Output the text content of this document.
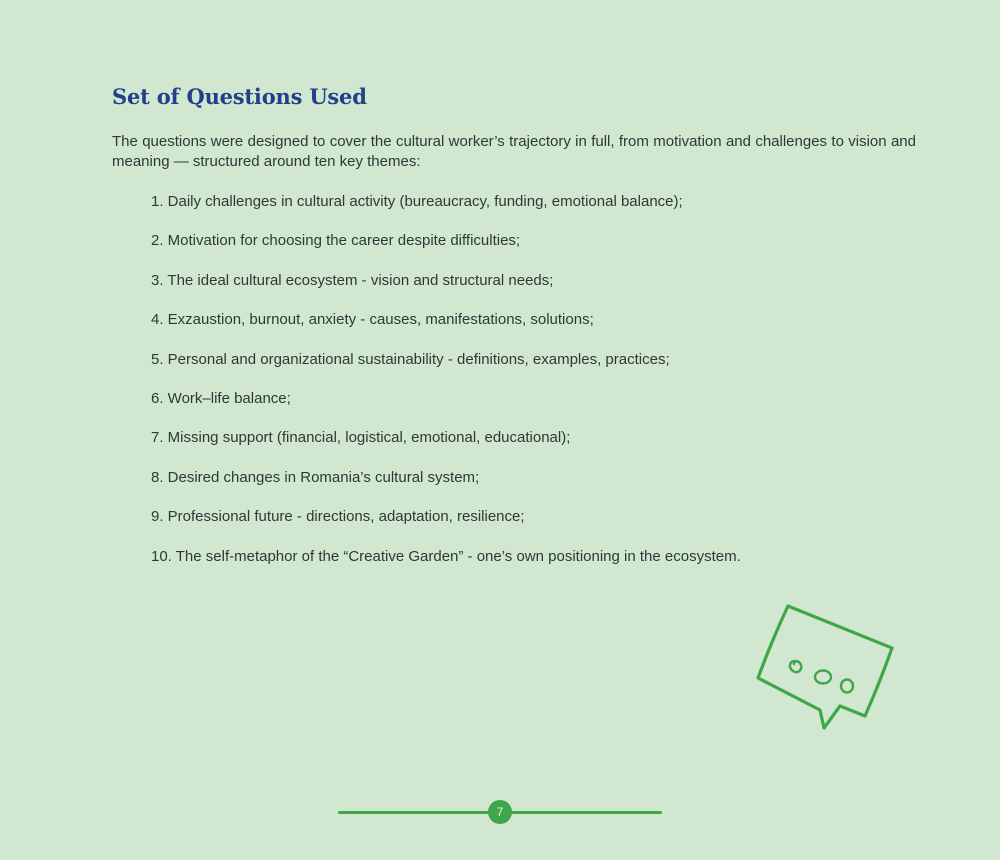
Set of Questions Used

The questions were designed to cover the cultural worker’s trajectory in full, from motivation and challenges to vision and meaning — structured around ten key themes:

1. Daily challenges in cultural activity (bureaucracy, funding, emotional balance);
2. Motivation for choosing the career despite difficulties;
3. The ideal cultural ecosystem - vision and structural needs;
4. Exzaustion, burnout, anxiety - causes, manifestations, solutions;
5. Personal and organizational sustainability - definitions, examples, practices;
6. Work–life balance;
7. Missing support (financial, logistical, emotional, educational);
8. Desired changes in Romania’s cultural system;
9. Professional future - directions, adaptation, resilience;
10. The self-metaphor of the “Creative Garden” - one’s own positioning in the ecosystem.
7
